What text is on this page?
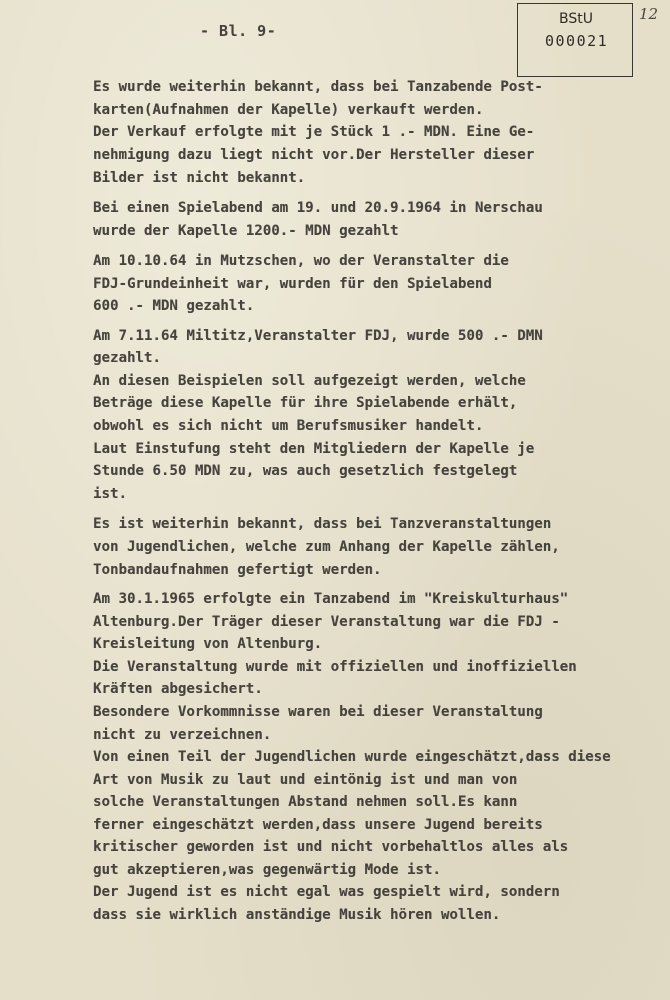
- Bl. 9-
BStU
000021
12
Es wurde weiterhin bekannt, dass bei Tanzabende Post-
karten(Aufnahmen der Kapelle) verkauft werden.
Der Verkauf erfolgte mit je Stück 1 .- MDN. Eine Ge-
nehmigung dazu liegt nicht vor.Der Hersteller dieser
Bilder ist nicht bekannt.
Bei einen Spielabend am 19. und 20.9.1964 in Nerschau
wurde der Kapelle 1200.- MDN gezahlt
Am 10.10.64 in Mutzschen, wo der Veranstalter die
FDJ-Grundeinheit war, wurden für den Spielabend
600 .- MDN gezahlt.
Am 7.11.64 Miltitz,Veranstalter FDJ, wurde 500 .- DMN
gezahlt.
An diesen Beispielen soll aufgezeigt werden, welche
Beträge diese Kapelle für ihre Spielabende erhält,
obwohl es sich nicht um Berufsmusiker handelt.
Laut Einstufung steht den Mitgliedern der Kapelle je
Stunde 6.50 MDN zu, was auch gesetzlich festgelegt
ist.
Es ist weiterhin bekannt, dass bei Tanzveranstaltungen
von Jugendlichen, welche zum Anhang der Kapelle zählen,
Tonbandaufnahmen gefertigt werden.
Am 30.1.1965 erfolgte ein Tanzabend im "Kreiskulturhaus"
Altenburg.Der Träger dieser Veranstaltung war die FDJ -
Kreisleitung von Altenburg.
Die Veranstaltung wurde mit offiziellen und inoffiziellen
Kräften abgesichert.
Besondere Vorkommnisse waren bei dieser Veranstaltung
nicht zu verzeichnen.
Von einen Teil der Jugendlichen wurde eingeschätzt,dass diese
Art von Musik zu laut und eintönig ist und man von
solche Veranstaltungen Abstand nehmen soll.Es kann
ferner eingeschätzt werden,dass unsere Jugend bereits
kritischer geworden ist und nicht vorbehaltlos alles als
gut akzeptieren,was gegenwärtig Mode ist.
Der Jugend ist es nicht egal was gespielt wird, sondern
dass sie wirklich anständige Musik hören wollen.
